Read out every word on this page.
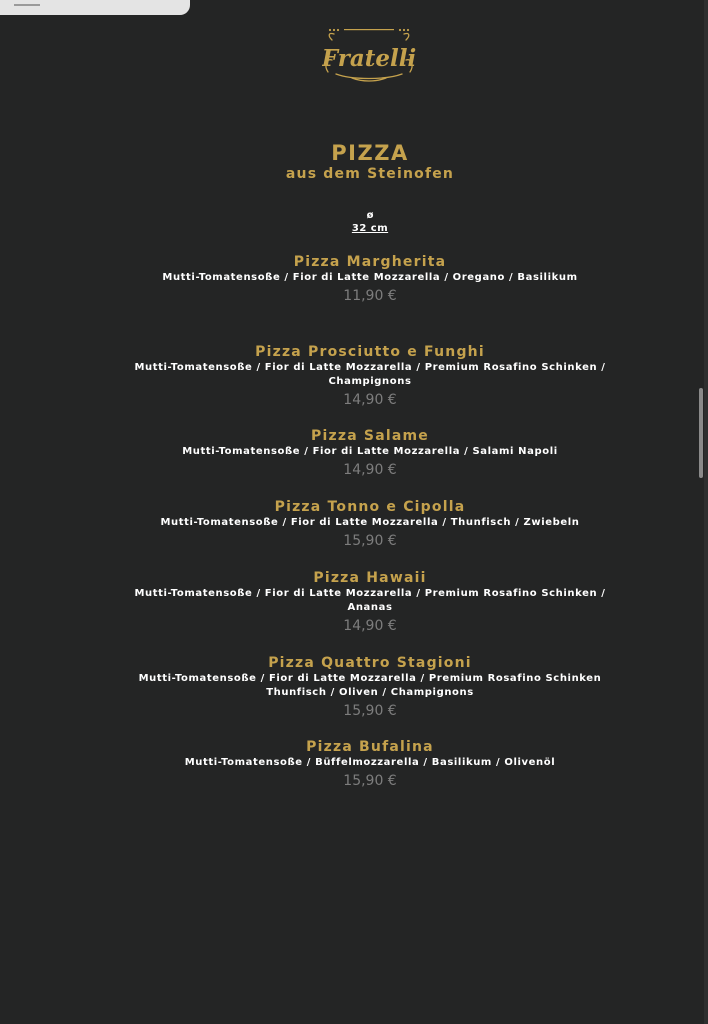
Fratelli
PIZZA
aus dem Steinofen
ø
32 cm
Pizza Margherita
Mutti-Tomatensoße / Fior di Latte Mozzarella / Oregano / Basilikum
11,90 €
Pizza Prosciutto e Funghi
Mutti-Tomatensoße / Fior di Latte Mozzarella / Premium Rosafino Schinken /
Champignons
14,90 €
Pizza Salame
Mutti-Tomatensoße / Fior di Latte Mozzarella / Salami Napoli
14,90 €
Pizza Tonno e Cipolla
Mutti-Tomatensoße / Fior di Latte Mozzarella / Thunfisch / Zwiebeln
15,90 €
Pizza Hawaii
Mutti-Tomatensoße / Fior di Latte Mozzarella / Premium Rosafino Schinken /
Ananas
14,90 €
Pizza Quattro Stagioni
Mutti-Tomatensoße / Fior di Latte Mozzarella / Premium Rosafino Schinken
Thunfisch / Oliven / Champignons
15,90 €
Pizza Bufalina
Mutti-Tomatensoße / Büffelmozzarella / Basilikum / Olivenöl
15,90 €
